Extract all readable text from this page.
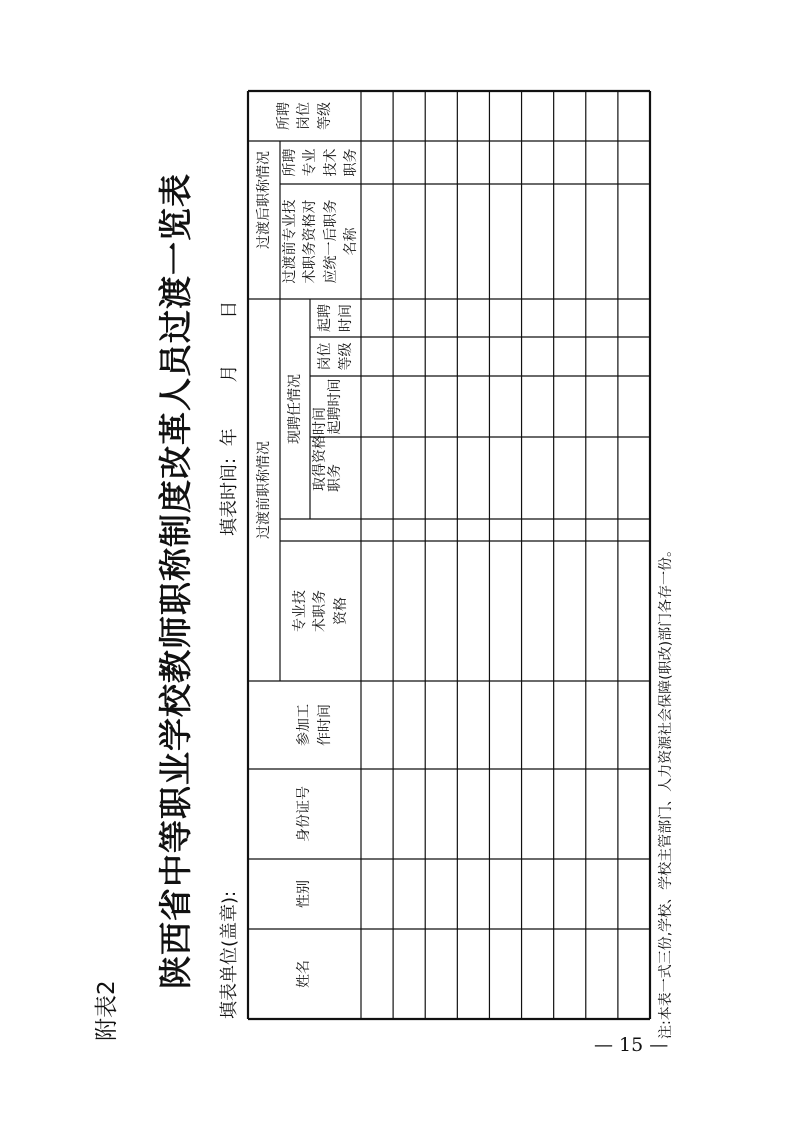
附表2
陕西省中等职业学校教师职称制度改革人员过渡一览表 填表单位(盖章):
填表时间: 年 月 日
姓名
性别
身份证号
参加工
作时间
过渡前职称情况
专业技
术职务
资格
取得资格时间
现聘任情况
职务
起聘时间
岗位
等级
起聘
时间
过渡后职称情况 过渡前专业技
术职务资格对
应统一后职务
名称
所聘
专业
技术
职务
所聘
岗位
等级
注:本表一式三份,学校、学校主管部门、人力资源社会保障(职改)部门各存一份。
— 15 —
